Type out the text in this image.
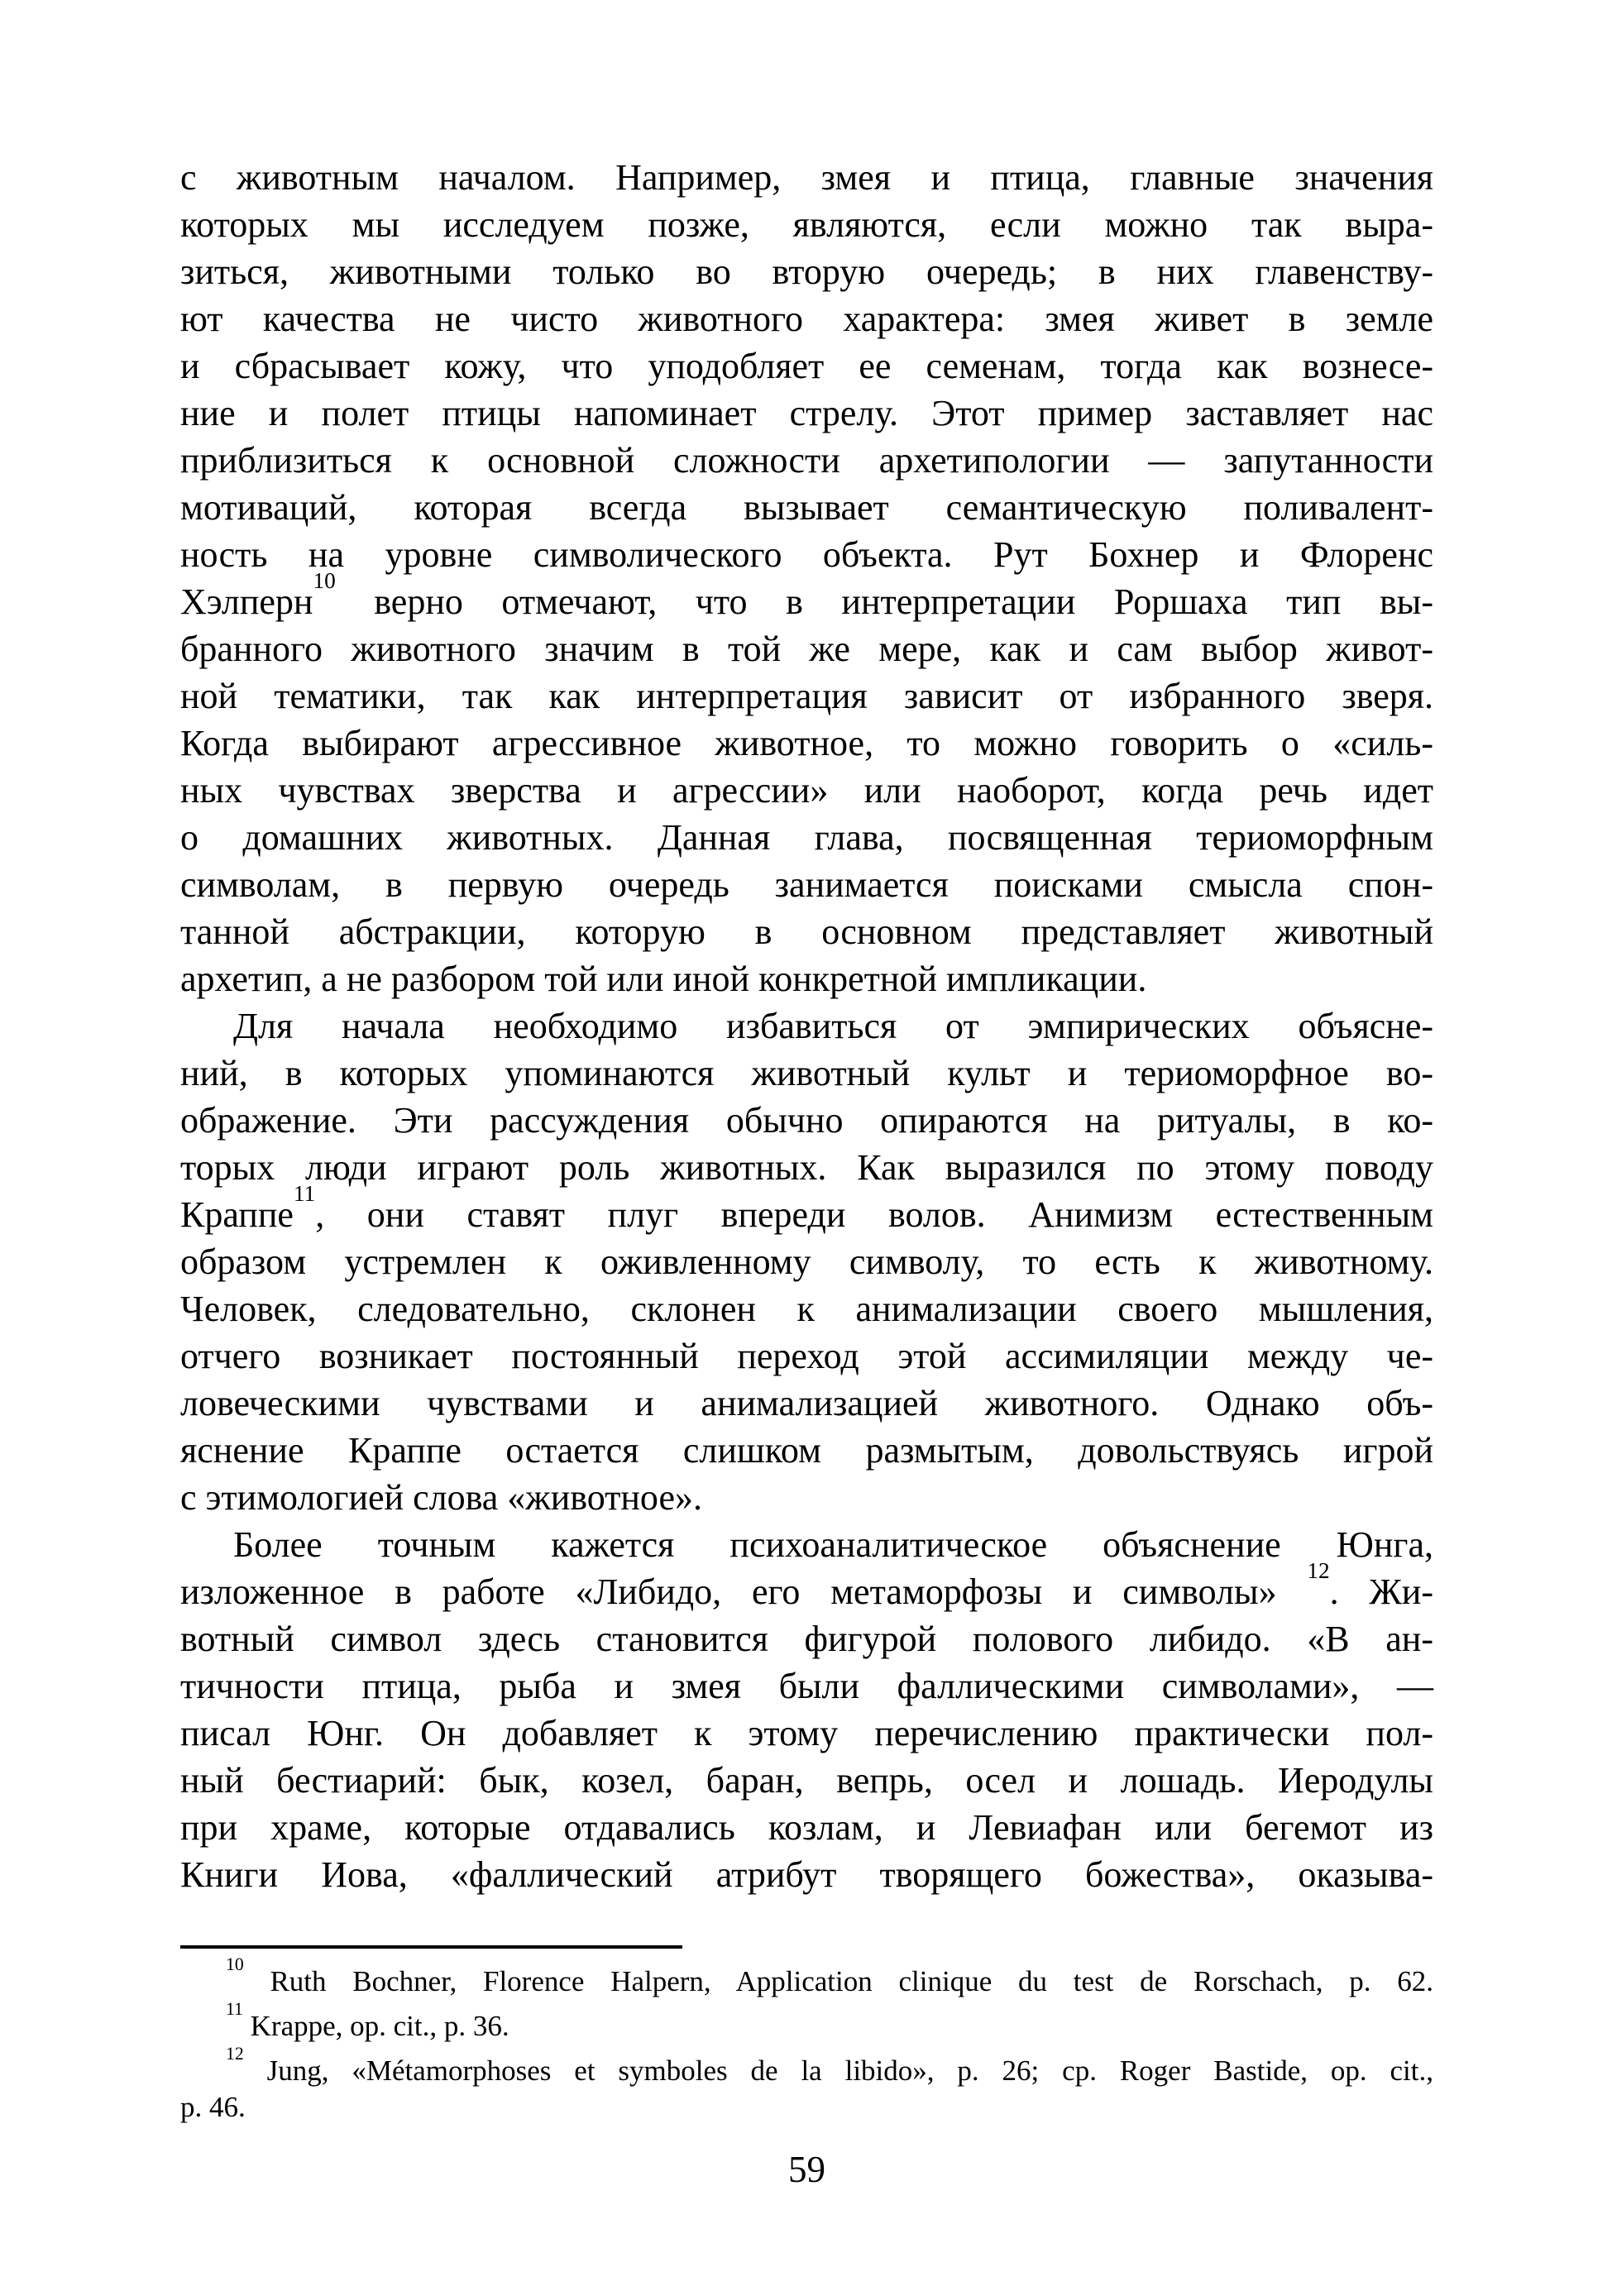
с животным началом. Например, змея и птица, главные значения
которых мы исследуем позже, являются, если можно так выра-
зиться, животными только во вторую очередь; в них главенству-
ют качества не чисто животного характера: змея живет в земле
и сбрасывает кожу, что уподобляет ее семенам, тогда как вознесе-
ние и полет птицы напоминает стрелу. Этот пример заставляет нас
приблизиться к основной сложности архетипологии — запутанности
мотиваций, которая всегда вызывает семантическую поливалент-
ность на уровне символического объекта. Рут Бохнер и Флоренс
Хэлперн$^{10}$ верно отмечают, что в интерпретации Роршаха тип вы-
бранного животного значим в той же мере, как и сам выбор живот-
ной тематики, так как интерпретация зависит от избранного зверя.
Когда выбирают агрессивное животное, то можно говорить о «силь-
ных чувствах зверства и агрессии» или наоборот, когда речь идет
о домашних животных. Данная глава, посвященная териоморфным
символам, в первую очередь занимается поисками смысла спон-
танной абстракции, которую в основном представляет животный
архетип, а не разбором той или иной конкретной импликации.
Для начала необходимо избавиться от эмпирических объясне-
ний, в которых упоминаются животный культ и териоморфное во-
ображение. Эти рассуждения обычно опираются на ритуалы, в ко-
торых люди играют роль животных. Как выразился по этому поводу
Краппе$^{11}$, они ставят плуг впереди волов. Анимизм естественным
образом устремлен к оживленному символу, то есть к животному.
Человек, следовательно, склонен к анимализации своего мышления,
отчего возникает постоянный переход этой ассимиляции между че-
ловеческими чувствами и анимализацией животного. Однако объ-
яснение Краппе остается слишком размытым, довольствуясь игрой
с этимологией слова «животное».
Более точным кажется психоаналитическое объяснение Юнга,
изложенное в работе «Либидо, его метаморфозы и символы» $^{12}$. Жи-
вотный символ здесь становится фигурой полового либидо. «В ан-
тичности птица, рыба и змея были фаллическими символами», —
писал Юнг. Он добавляет к этому перечислению практически пол-
ный бестиарий: бык, козел, баран, вепрь, осел и лошадь. Иеродулы
при храме, которые отдавались козлам, и Левиафан или бегемот из
Книги Иова, «фаллический атрибут творящего божества», оказыва-
$^{10}$ Ruth Bochner, Florence Halpern, Application clinique du test de Rorschach, p. 62.
$^{11}$ Krappe, op. cit., p. 36.
$^{12}$ Jung, «Métamorphoses et symboles de la libido», p. 26; ср. Roger Bastide, op. cit.,
p. 46.
59
